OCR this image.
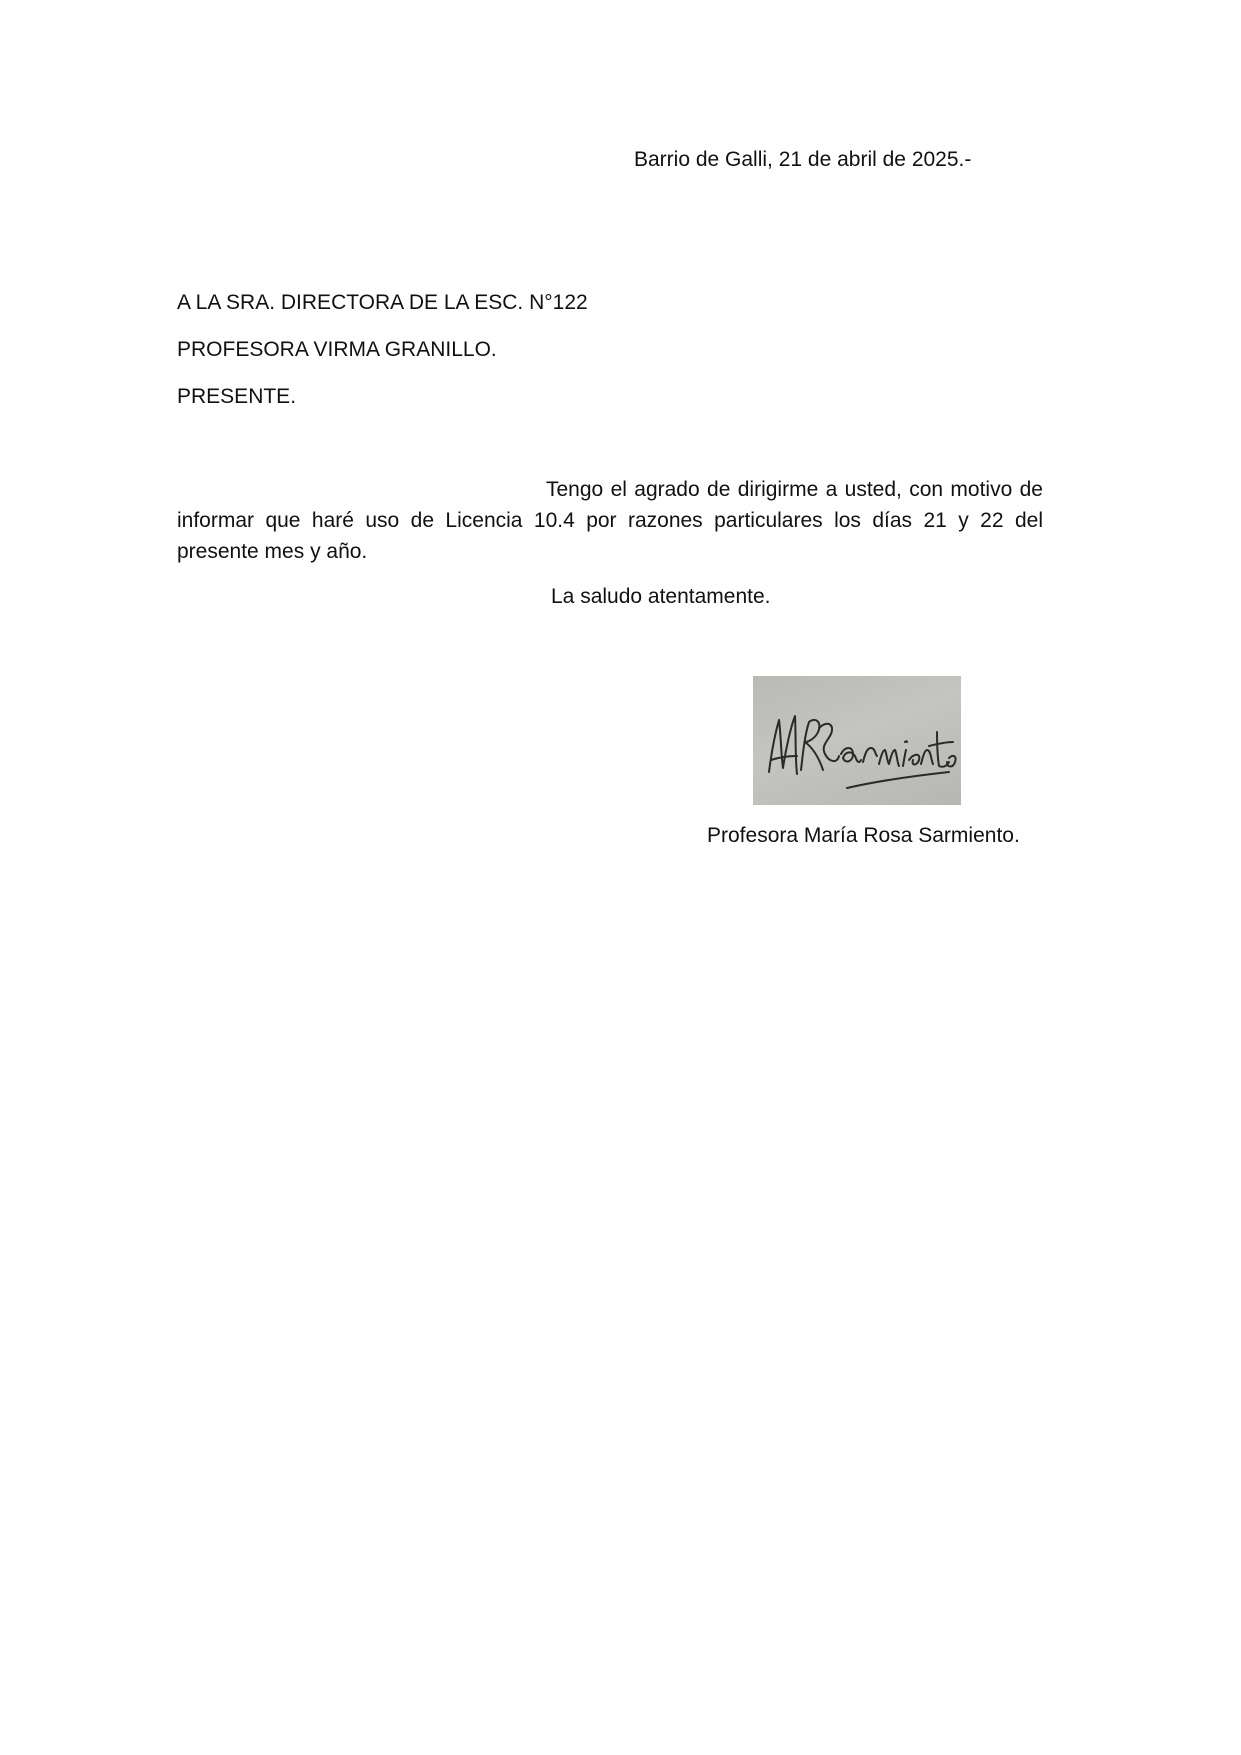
Barrio de Galli, 21 de abril de 2025.-

A LA SRA. DIRECTORA DE LA ESC. N°122

PROFESORA VIRMA GRANILLO.

PRESENTE.

Tengo el agrado de dirigirme a usted, con motivo de informar que haré uso de Licencia 10.4 por razones particulares los días 21 y 22 del presente mes y año.

La saludo atentamente.

Profesora María Rosa Sarmiento.
